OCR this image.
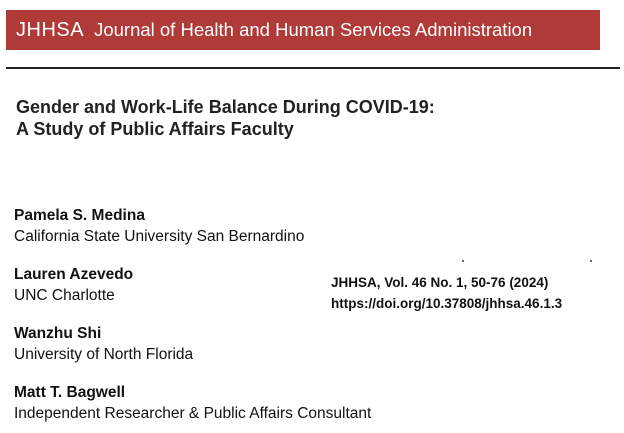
JHHSA Journal of Health and Human Services Administration
Gender and Work-Life Balance During COVID-19:
A Study of Public Affairs Faculty
Pamela S. Medina
California State University San Bernardino
Lauren Azevedo
UNC Charlotte
Wanzhu Shi
University of North Florida
Matt T. Bagwell
Independent Researcher & Public Affairs Consultant
JHHSA, Vol. 46 No. 1, 50-76 (2024)
https://doi.org/10.37808/jhhsa.46.1.3
